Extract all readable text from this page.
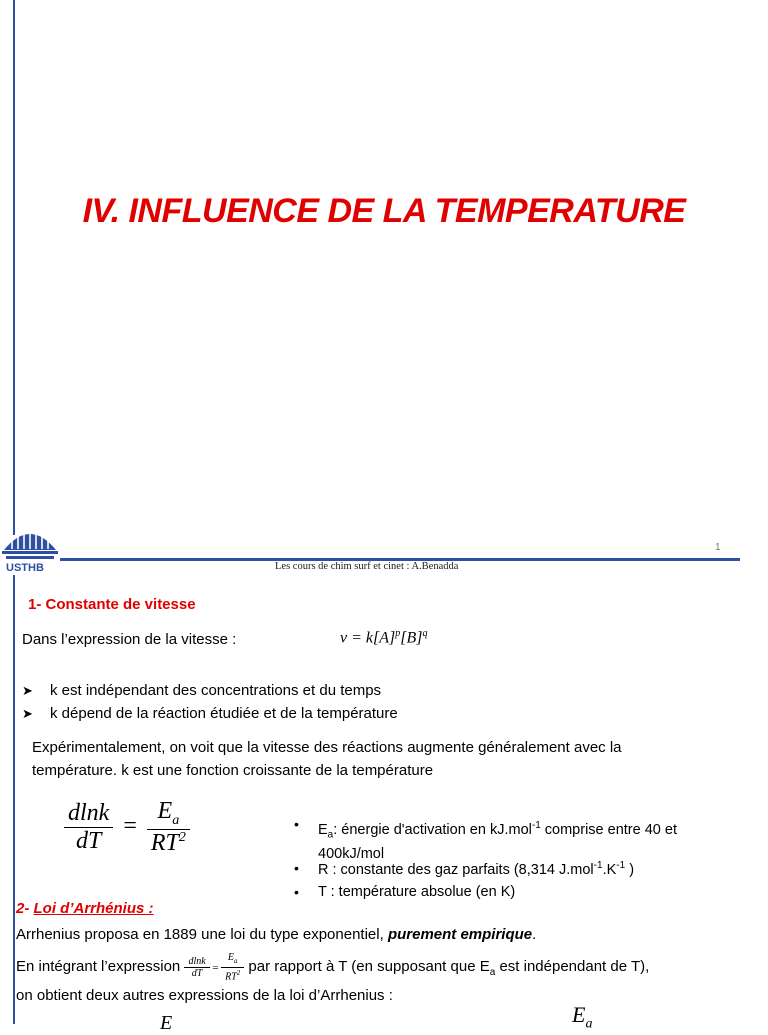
IV. INFLUENCE DE LA TEMPERATURE
USTHB
1
Les cours de chim surf et cinet : A.Benadda
1- Constante de vitesse
Dans l’expression de la vitesse :	$v = k[A]^p[B]^q$
➤ k est indépendant des concentrations et du temps
➤ k dépend de la réaction étudiée et de la température
Expérimentalement, on voit que la vitesse des réactions augmente généralement avec la
température. k est une fonction croissante de la température
$\frac{dlnk}{dT} = \frac{E_a}{RT^2}$	• $E_a$: énergie d'activation en kJ.mol$^{-1}$ comprise entre 40 et
400kJ/mol
• R : constante des gaz parfaits (8,314 $J.mol^{-1}.K^{-1}$ )
• T : température absolue (en K)
2- Loi d’Arrhénius :
Arrhenius proposa en 1889 une loi du type exponentiel, purement empirique.
En intégrant l’expression $\frac{dlnk}{dT} = \frac{E_a}{RT^2}$ par rapport à T (en supposant que $E_a$ est indépendant de T),
on obtient deux autres expressions de la loi d’Arrhenius :
E	$E_a$
